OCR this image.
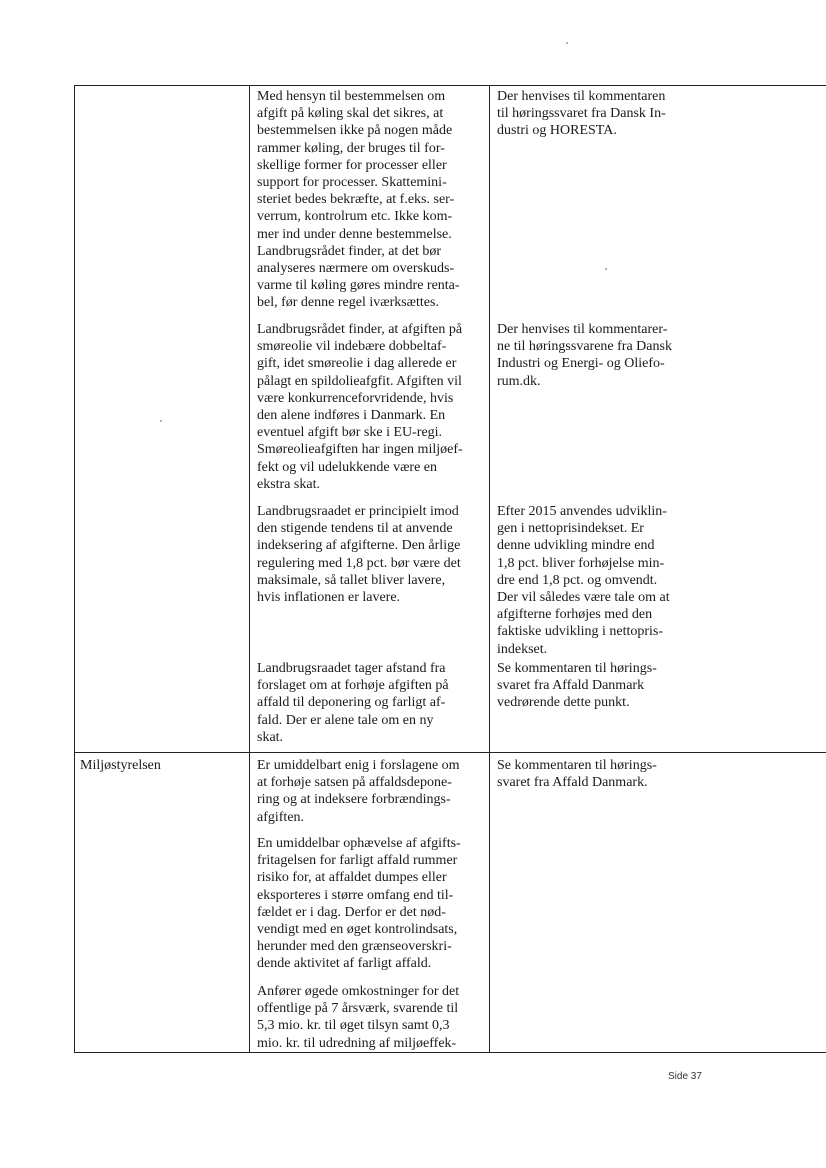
Med hensyn til bestemmelsen om
afgift på køling skal det sikres, at
bestemmelsen ikke på nogen måde
rammer køling, der bruges til for-
skellige former for processer eller
support for processer. Skattemini-
steriet bedes bekræfte, at f.eks. ser-
verrum, kontrolrum etc. Ikke kom-
mer ind under denne bestemmelse.
Landbrugsrådet finder, at det bør
analyseres nærmere om overskuds-
varme til køling gøres mindre renta-
bel, før denne regel iværksættes.

Landbrugsrådet finder, at afgiften på
smøreolie vil indebære dobbeltaf-
gift, idet smøreolie i dag allerede er
pålagt en spildolieafgfit. Afgiften vil
være konkurrenceforvridende, hvis
den alene indføres i Danmark. En
eventuel afgift bør ske i EU-regi.
Smøreolieafgiften har ingen miljøef-
fekt og vil udelukkende være en
ekstra skat.

Landbrugsraadet er principielt imod
den stigende tendens til at anvende
indeksering af afgifterne. Den årlige
regulering med 1,8 pct. bør være det
maksimale, så tallet bliver lavere,
hvis inflationen er lavere.

Landbrugsraadet tager afstand fra
forslaget om at forhøje afgiften på
affald til deponering og farligt af-
fald. Der er alene tale om en ny
skat.

Der henvises til kommentaren
til høringssvaret fra Dansk In-
dustri og HORESTA.

Der henvises til kommentarer-
ne til høringssvarene fra Dansk
Industri og Energi- og Oliefo-
rum.dk.

Efter 2015 anvendes udviklin-
gen i nettoprisindekset. Er
denne udvikling mindre end
1,8 pct. bliver forhøjelse min-
dre end 1,8 pct. og omvendt.
Der vil således være tale om at
afgifterne forhøjes med den
faktiske udvikling i nettopris-
indekset.

Se kommentaren til hørings-
svaret fra Affald Danmark
vedrørende dette punkt.

Miljøstyrelsen	Er umiddelbart enig i forslagene om
at forhøje satsen på affaldsdepone-
ring og at indeksere forbrændings-
afgiften.

En umiddelbar ophævelse af afgifts-
fritagelsen for farligt affald rummer
risiko for, at affaldet dumpes eller
eksporteres i større omfang end til-
fældet er i dag. Derfor er det nød-
vendigt med en øget kontrolindsats,
herunder med den grænseoverskri-
dende aktivitet af farligt affald.

Anfører øgede omkostninger for det
offentlige på 7 årsværk, svarende til
5,3 mio. kr. til øget tilsyn samt 0,3
mio. kr. til udredning af miljøeffek-

Se kommentaren til hørings-
svaret fra Affald Danmark.

Side 37
